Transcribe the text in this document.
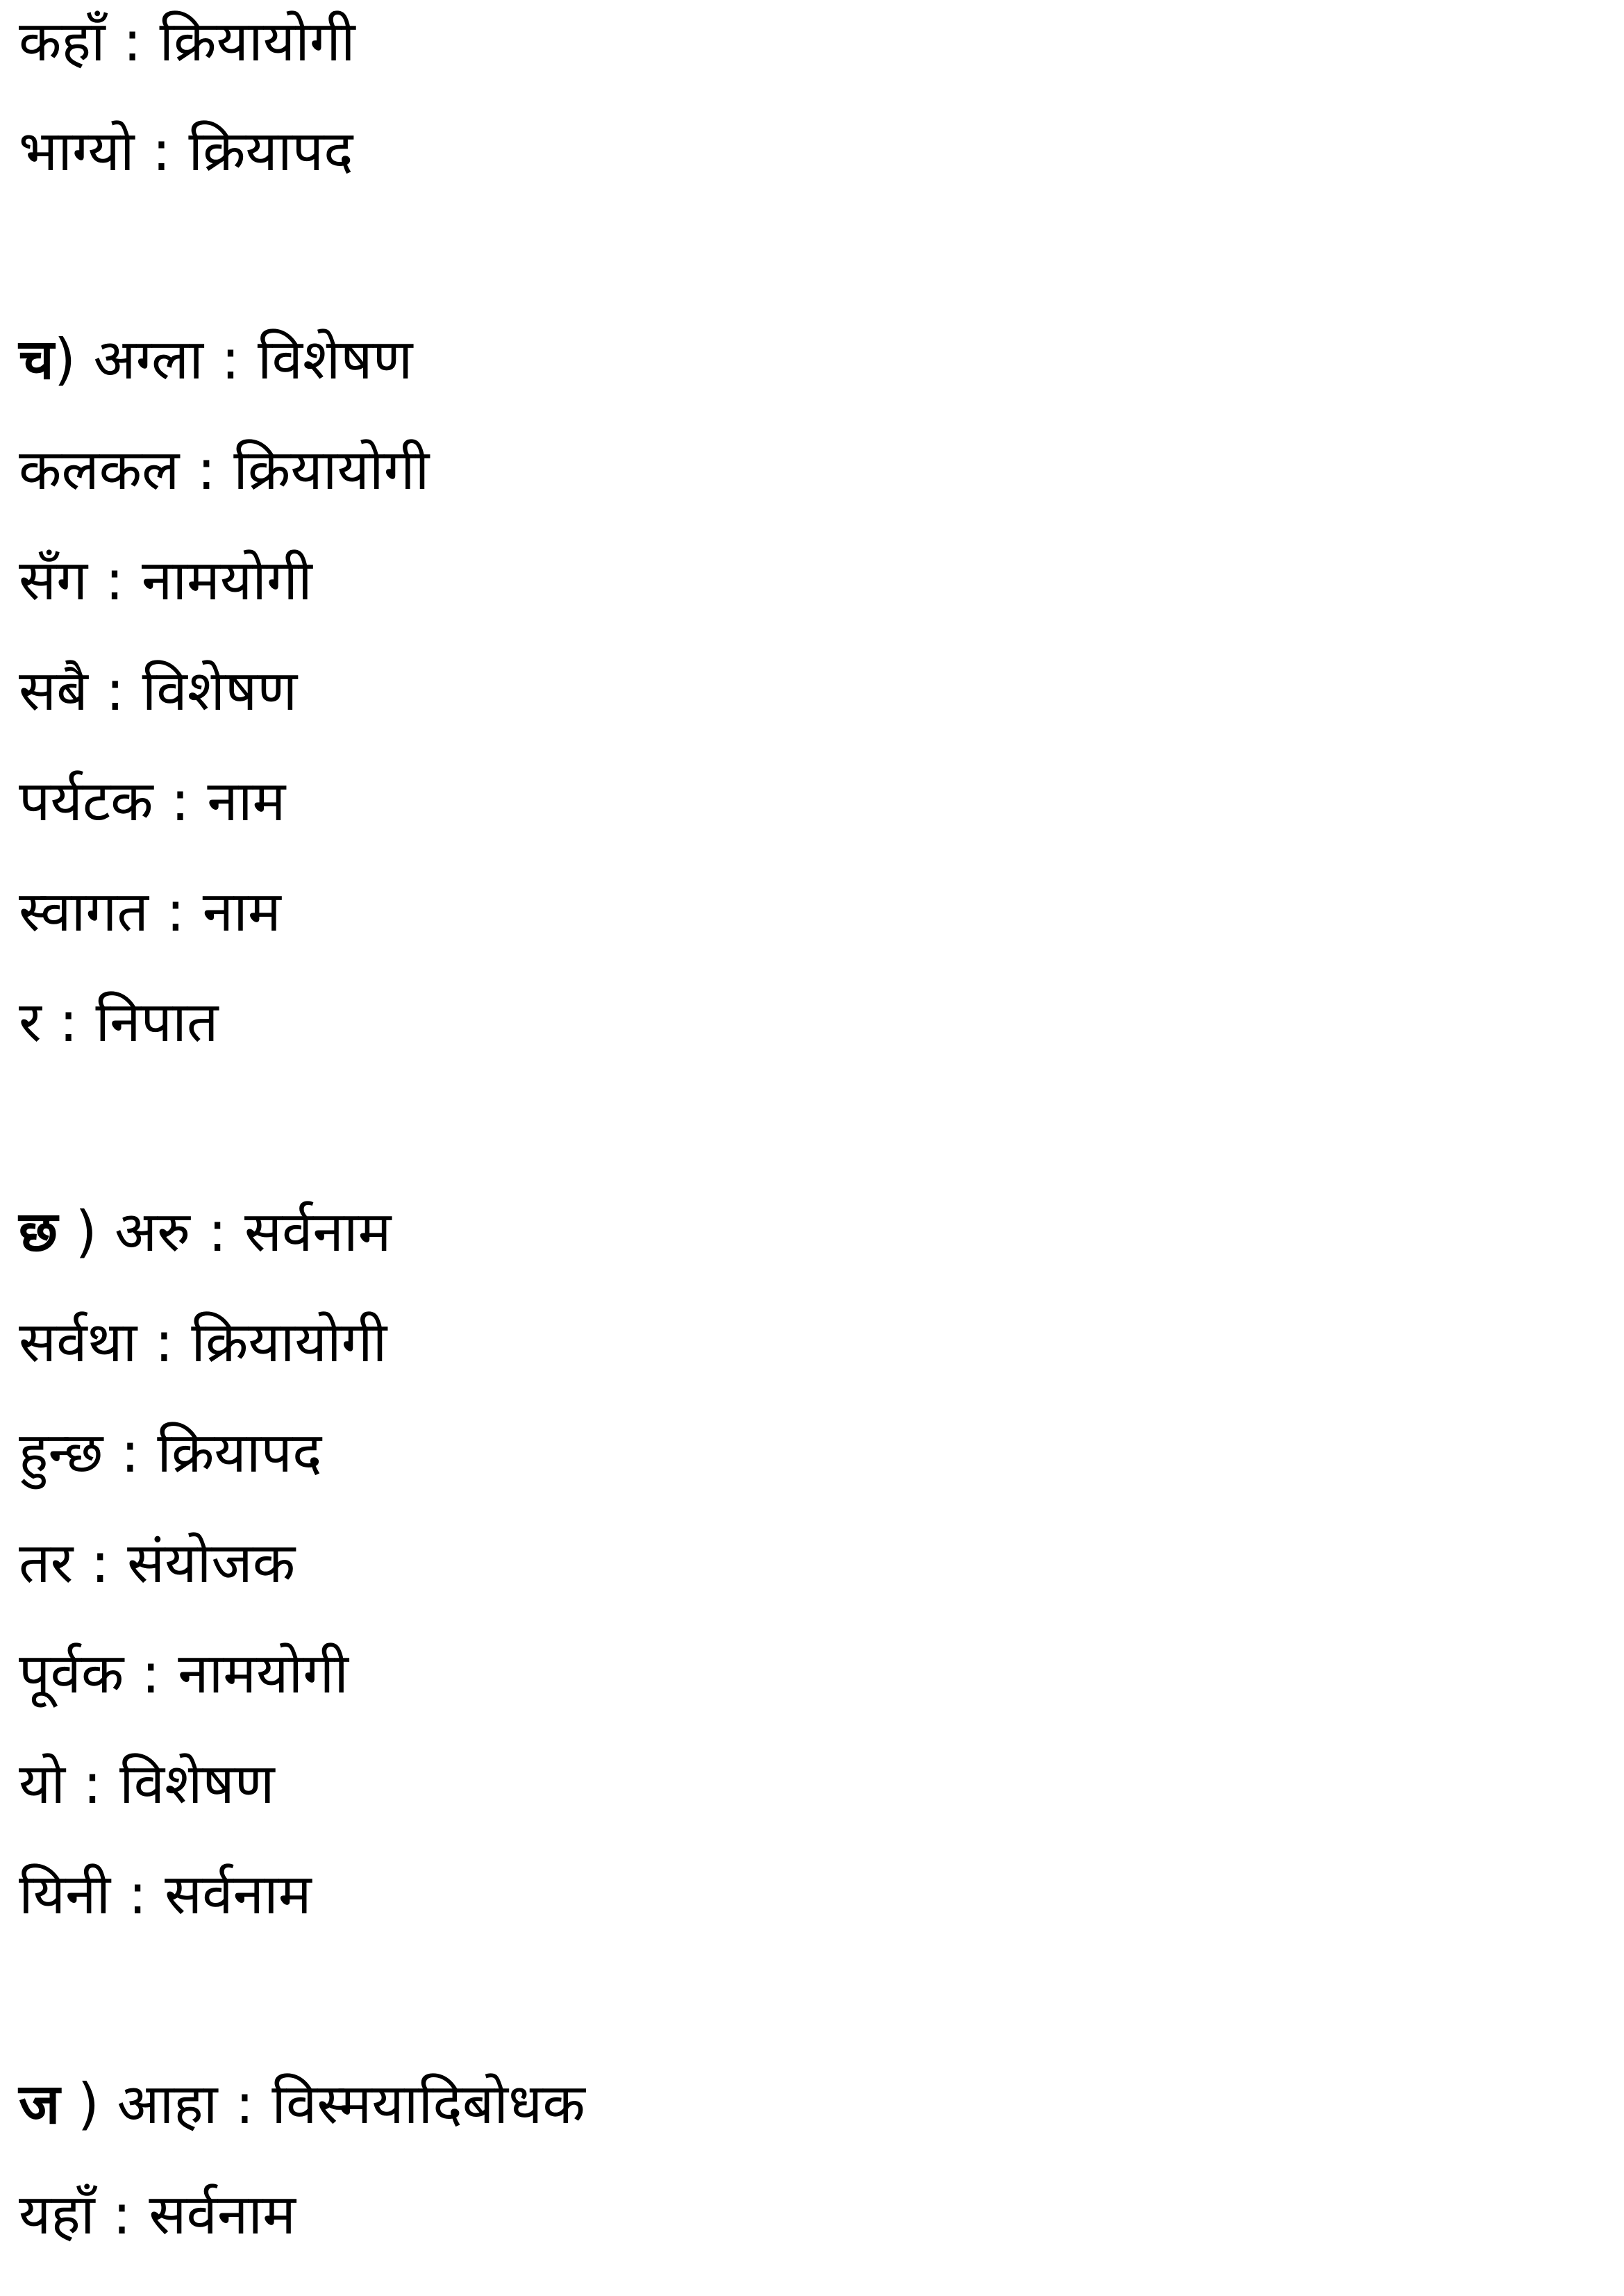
कहाँ : क्रियायोगी
भाग्यो : क्रियापद
च) अग्ला : विशेषण
कलकल : क्रियायोगी
सँग : नामयोगी
सबै : विशेषण
पर्यटक : नाम
स्वागत : नाम
र : निपात
छ ) अरु : सर्वनाम
सर्वथा : क्रियायोगी
हुन्छ : क्रियापद
तर : संयोजक
पूर्वक : नामयोगी
यो : विशेषण
यिनी : सर्वनाम
ज ) आहा : विस्मयादिबोधक
यहाँ : सर्वनाम
